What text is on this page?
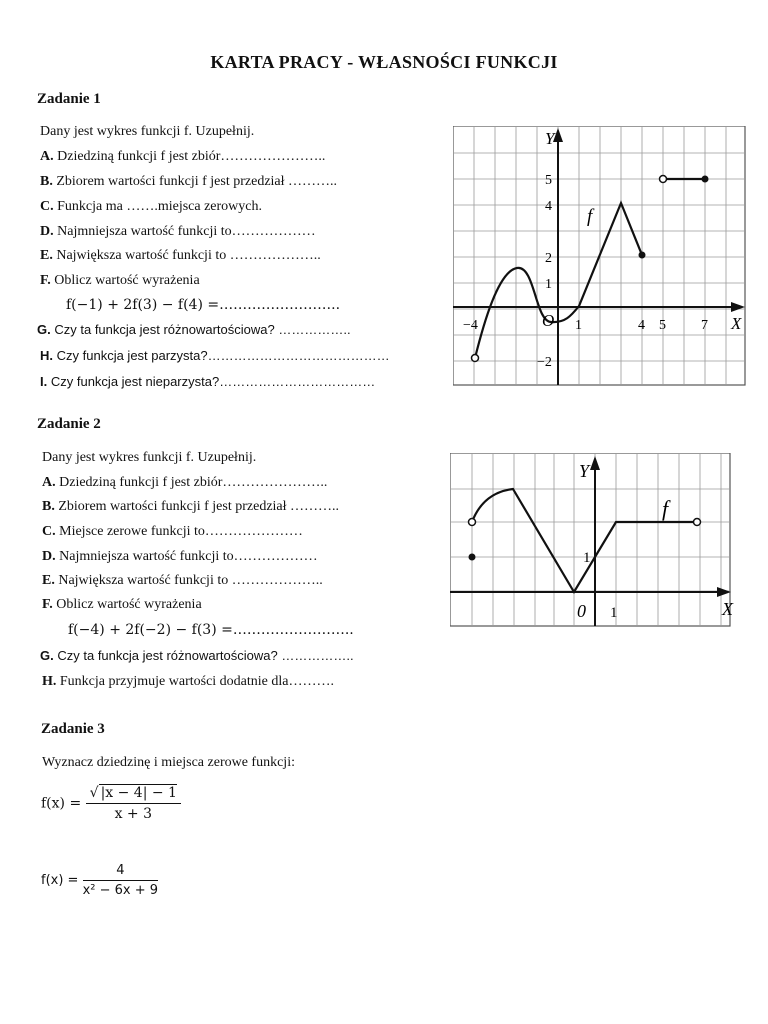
KARTA PRACY - WŁASNOŚCI FUNKCJI
Zadanie 1
Dany jest wykres funkcji f. Uzupełnij.
A. Dziedziną funkcji f jest zbiór…………………..
B. Zbiorem wartości funkcji f jest przedział ………..
C. Funkcja ma …….miejsca zerowych.
D. Najmniejsza wartość funkcji to………………
E. Największa wartość funkcji to ………………..
F. Oblicz wartość wyrażenia
f(−1) + 2f(3) − f(4) =……………………..
G. Czy ta funkcja jest różnowartościowa? ……………..
H. Czy funkcja jest parzysta?……………………………………
I. Czy funkcja jest nieparzysta?………………………………
Y
X
f
O
−4	1	4 5	7
5
4
2
1
−2
Zadanie 2
Dany jest wykres funkcji f. Uzupełnij.
A. Dziedziną funkcji f jest zbiór…………………..
B. Zbiorem wartości funkcji f jest przedział ………..
C. Miejsce zerowe funkcji to…………………
D. Najmniejsza wartość funkcji to………………
E. Największa wartość funkcji to ………………..
F. Oblicz wartość wyrażenia
f(−4) + 2f(−2) − f(3) =……………………..
G. Czy ta funkcja jest różnowartościowa? ……………..
H. Funkcja przyjmuje wartości dodatnie dla……….
Y
X
f
0 1
1
Zadanie 3
Wyznacz dziedzinę i miejsca zerowe funkcji:
$f(x) = \frac{√ |x - 4| - 1}{x + 3}$
$f(x) = \frac{4}{\text{x² − 6x + 9}}$
